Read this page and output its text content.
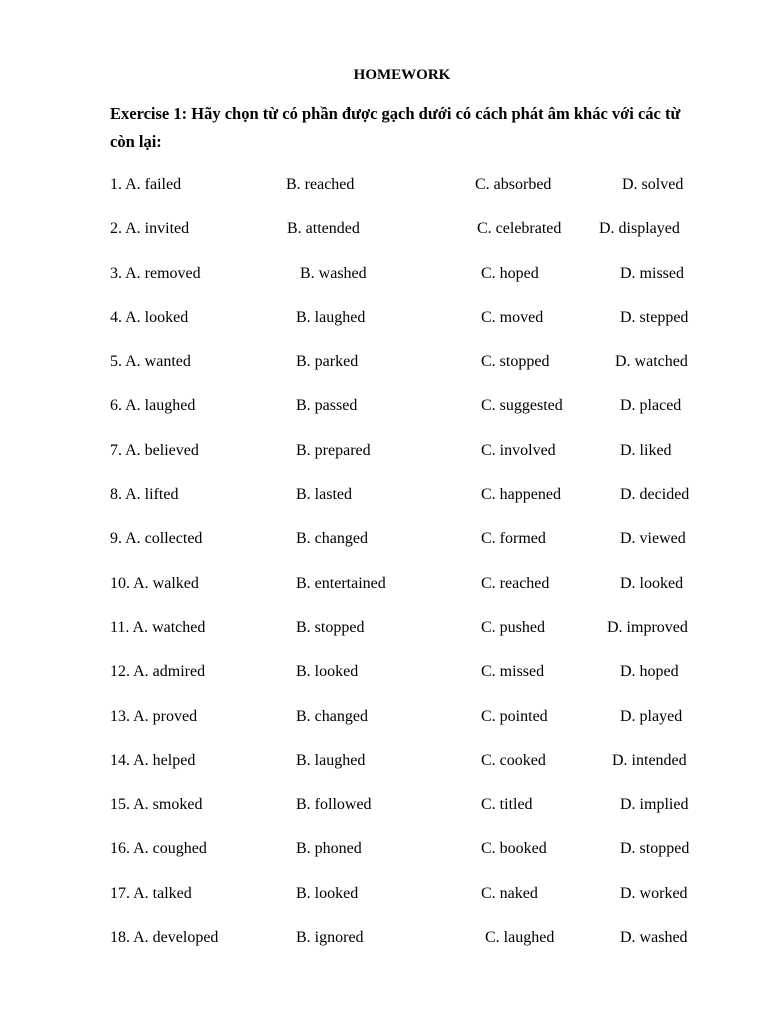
HOMEWORK

Exercise 1: Hãy chọn từ có phần được gạch dưới có cách phát âm khác với các từ còn lại:

1. A. failed	B. reached	C. absorbed	D. solved
2. A. invited	B. attended	C. celebrated D. displayed
3. A. removed	B. washed	C. hoped	D. missed
4. A. looked	B. laughed	C. moved	D. stepped
5. A. wanted	B. parked	C. stopped	D. watched
6. A. laughed	B. passed	C. suggested	D. placed
7. A. believed	B. prepared	C. involved	D. liked
8. A. lifted	B. lasted	C. happened	D. decided
9. A. collected	B. changed	C. formed	D. viewed
10. A. walked	B. entertained	C. reached	D. looked
11. A. watched	B. stopped	C. pushed	D. improved
12. A. admired	B. looked	C. missed	D. hoped
13. A. proved	B. changed	C. pointed	D. played
14. A. helped	B. laughed	C. cooked	D. intended
15. A. smoked	B. followed	C. titled	D. implied
16. A. coughed	B. phoned	C. booked	D. stopped
17. A. talked	B. looked	C. naked	D. worked
18. A. developed	B. ignored	C. laughed	D. washed
